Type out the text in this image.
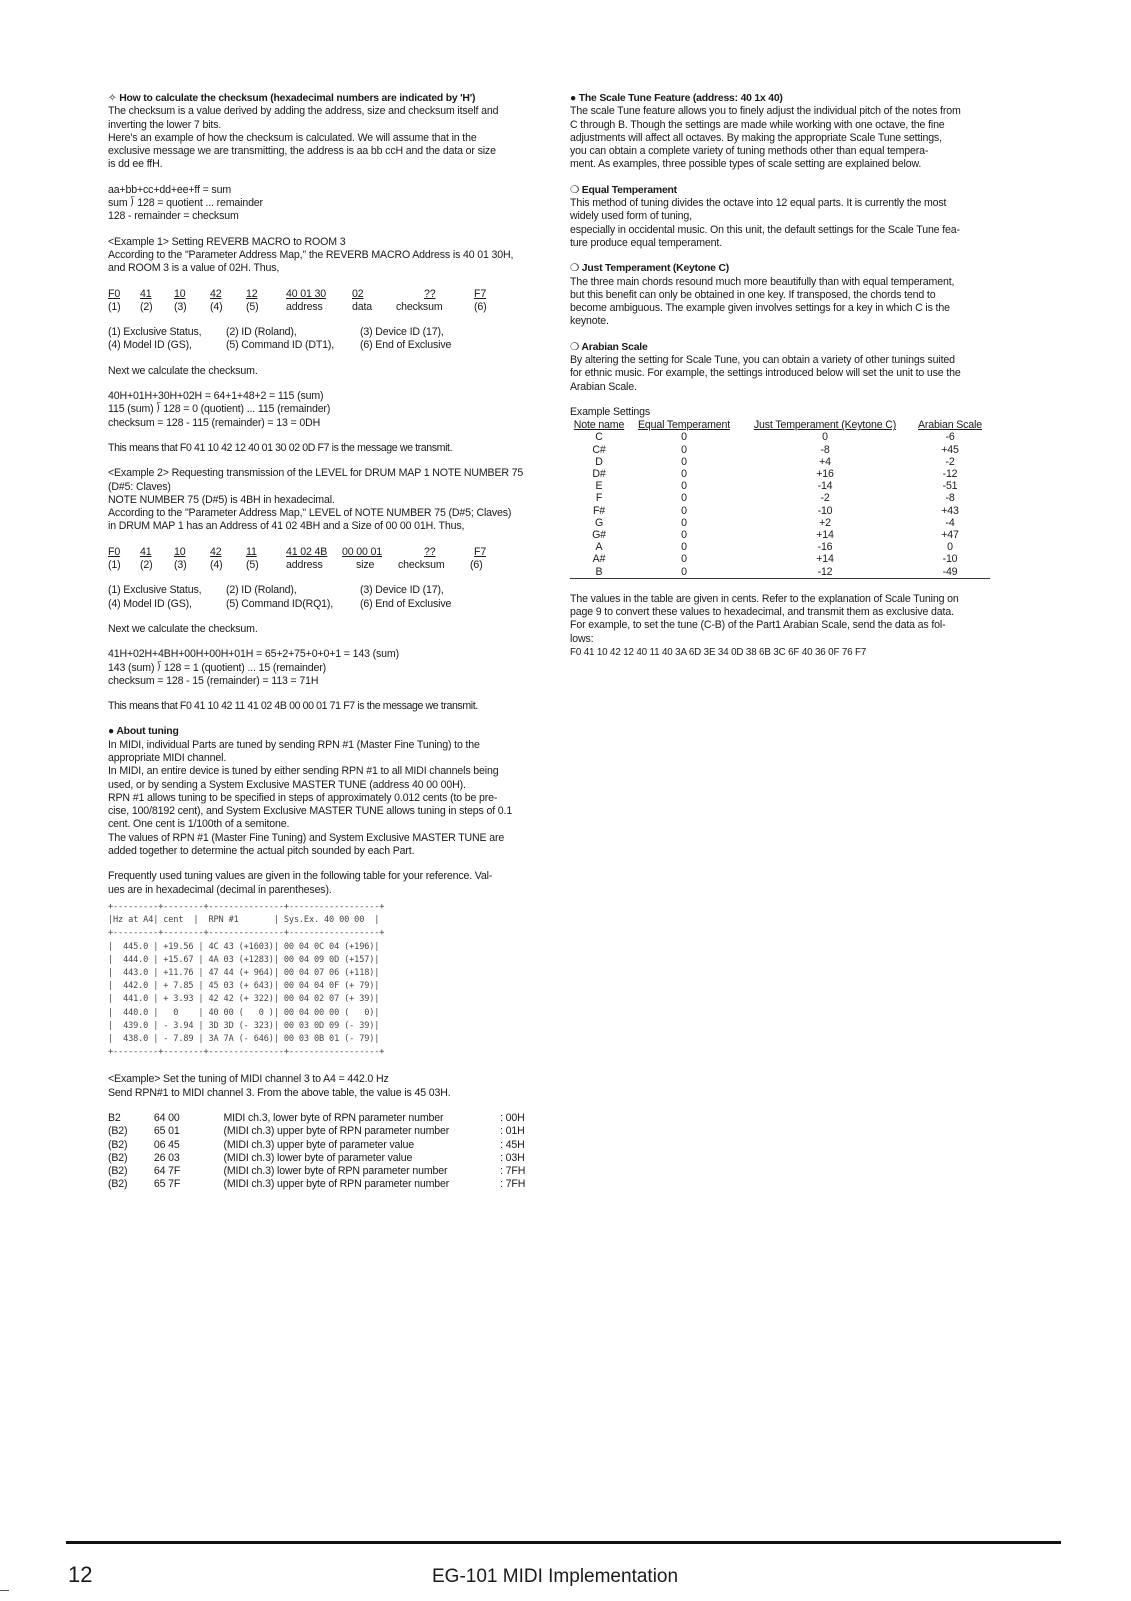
✧ How to calculate the checksum (hexadecimal numbers are indicated by 'H')
The checksum is a value derived by adding the address, size and checksum itself and
inverting the lower 7 bits.
Here's an example of how the checksum is calculated. We will assume that in the
exclusive message we are transmitting, the address is aa bb ccH and the data or size
is dd ee ffH.
aa+bb+cc+dd+ee+ff = sum
sum ⟌ 128 = quotient ... remainder
128 - remainder = checksum
<Example 1> Setting REVERB MACRO to ROOM 3
According to the "Parameter Address Map," the REVERB MACRO Address is 40 01 30H,
and ROOM 3 is a value of 02H. Thus,
F0	41	10	42	12	40 01 30	02	??	F7
(1)	(2)	(3)	(4)	(5)	address	data	checksum	(6)
(1) Exclusive Status,	(2) ID (Roland),	(3) Device ID (17),
(4) Model ID (GS),	(5) Command ID (DT1),	(6) End of Exclusive
Next we calculate the checksum.
40H+01H+30H+02H = 64+1+48+2 = 115 (sum)
115 (sum) ⟌ 128 = 0 (quotient) ... 115 (remainder)
checksum = 128 - 115 (remainder) = 13 = 0DH
This means that F0 41 10 42 12 40 01 30 02 0D F7 is the message we transmit.
<Example 2> Requesting transmission of the LEVEL for DRUM MAP 1 NOTE NUMBER 75
(D#5: Claves)
NOTE NUMBER 75 (D#5) is 4BH in hexadecimal.
According to the "Parameter Address Map," LEVEL of NOTE NUMBER 75 (D#5; Claves)
in DRUM MAP 1 has an Address of 41 02 4BH and a Size of 00 00 01H. Thus,
F0	41	10	42	11	41 02 4B	00 00 01	??	F7
(1)	(2)	(3)	(4)	(5)	address	size	checksum	(6)
(1) Exclusive Status,	(2) ID (Roland),	(3) Device ID (17),
(4) Model ID (GS),	(5) Command ID(RQ1),	(6) End of Exclusive
Next we calculate the checksum.
41H+02H+4BH+00H+00H+01H = 65+2+75+0+0+1 = 143 (sum)
143 (sum) ⟌ 128 = 1 (quotient) ... 15 (remainder)
checksum = 128 - 15 (remainder) = 113 = 71H
This means that F0 41 10 42 11 41 02 4B 00 00 01 71 F7 is the message we transmit.
● About tuning
In MIDI, individual Parts are tuned by sending RPN #1 (Master Fine Tuning) to the
appropriate MIDI channel.
In MIDI, an entire device is tuned by either sending RPN #1 to all MIDI channels being
used, or by sending a System Exclusive MASTER TUNE (address 40 00 00H).
RPN #1 allows tuning to be specified in steps of approximately 0.012 cents (to be pre-
cise, 100/8192 cent), and System Exclusive MASTER TUNE allows tuning in steps of 0.1
cent. One cent is 1/100th of a semitone.
The values of RPN #1 (Master Fine Tuning) and System Exclusive MASTER TUNE are
added together to determine the actual pitch sounded by each Part.
Frequently used tuning values are given in the following table for your reference. Val-
ues are in hexadecimal (decimal in parentheses).
+---------+--------+---------------+------------------+
|Hz at A4| cent  |  RPN #1       | Sys.Ex. 40 00 00  |
+---------+--------+---------------+------------------+
|  445.0 | +19.56 | 4C 43 (+1603)| 00 04 0C 04 (+196)|
|  444.0 | +15.67 | 4A 03 (+1283)| 00 04 09 0D (+157)|
|  443.0 | +11.76 | 47 44 (+ 964)| 00 04 07 06 (+118)|
|  442.0 | + 7.85 | 45 03 (+ 643)| 00 04 04 0F (+ 79)|
|  441.0 | + 3.93 | 42 42 (+ 322)| 00 04 02 07 (+ 39)|
|  440.0 |   0    | 40 00 (   0 )| 00 04 00 00 (   0)|
|  439.0 | - 3.94 | 3D 3D (- 323)| 00 03 0D 09 (- 39)|
|  438.0 | - 7.89 | 3A 7A (- 646)| 00 03 0B 01 (- 79)|
+---------+--------+---------------+------------------+
<Example> Set the tuning of MIDI channel 3 to A4 = 442.0 Hz
Send RPN#1 to MIDI channel 3. From the above table, the value is 45 03H.
B2	64 00	MIDI ch.3, lower byte of RPN parameter number	: 00H
(B2)	65 01	(MIDI ch.3) upper byte of RPN parameter number	: 01H
(B2)	06 45	(MIDI ch.3) upper byte of parameter value	: 45H
(B2)	26 03	(MIDI ch.3) lower byte of parameter value	: 03H
(B2)	64 7F	(MIDI ch.3) lower byte of RPN parameter number	: 7FH
(B2)	65 7F	(MIDI ch.3) upper byte of RPN parameter number	: 7FH
● The Scale Tune Feature (address: 40 1x 40)
The scale Tune feature allows you to finely adjust the individual pitch of the notes from
C through B. Though the settings are made while working with one octave, the fine
adjustments will affect all octaves. By making the appropriate Scale Tune settings,
you can obtain a complete variety of tuning methods other than equal tempera-
ment. As examples, three possible types of scale setting are explained below.
❍ Equal Temperament
This method of tuning divides the octave into 12 equal parts. It is currently the most
widely used form of tuning,
especially in occidental music. On this unit, the default settings for the Scale Tune fea-
ture produce equal temperament.
❍ Just Temperament (Keytone C)
The three main chords resound much more beautifully than with equal temperament,
but this benefit can only be obtained in one key. If transposed, the chords tend to
become ambiguous. The example given involves settings for a key in which C is the
keynote.
❍ Arabian Scale
By altering the setting for Scale Tune, you can obtain a variety of other tunings suited
for ethnic music. For example, the settings introduced below will set the unit to use the
Arabian Scale.
Example Settings
Note name	Equal Temperament	Just Temperament (Keytone C)	Arabian Scale
C	0	0	-6
C#	0	-8	+45
D	0	+4	-2
D#	0	+16	-12
E	0	-14	-51
F	0	-2	-8
F#	0	-10	+43
G	0	+2	-4
G#	0	+14	+47
A	0	-16	0
A#	0	+14	-10
B	0	-12	-49
The values in the table are given in cents. Refer to the explanation of Scale Tuning on
page 9 to convert these values to hexadecimal, and transmit them as exclusive data.
For example, to set the tune (C-B) of the Part1 Arabian Scale, send the data as fol-
lows:
F0 41 10 42 12 40 11 40 3A 6D 3E 34 0D 38 6B 3C 6F 40 36 0F 76 F7
12	EG-101 MIDI Implementation
